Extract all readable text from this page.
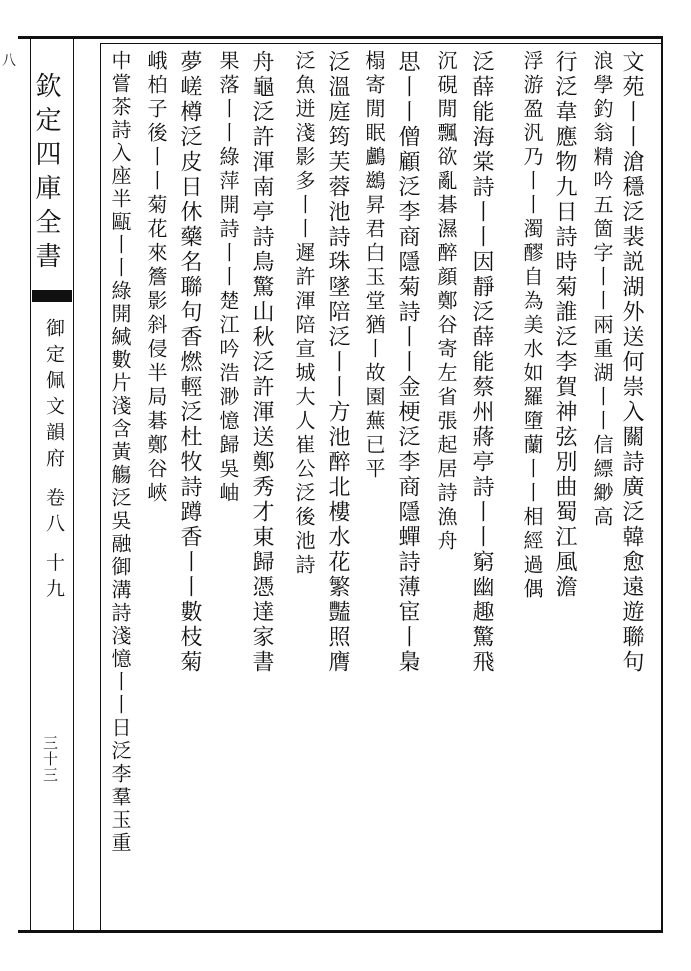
八
欽定四庫全書
御定佩文韻府 卷八 十九
三十三
文苑丨丨滄穩泛裴説湖外送何崇入關詩廣泛韓愈遠遊聯句
浪學釣翁精吟五箇字丨丨兩重湖丨丨信縹緲高
行泛韋應物九日詩時菊誰泛李賀神弦別曲蜀江風澹
浮游盈汎乃丨丨濁醪自為美水如羅墮蘭丨丨相經過偶
泛薛能海棠詩丨丨因靜泛薛能蔡州蔣亭詩丨丨窮幽趣驚飛
沉硯閒飄欲亂碁濕醉顔鄭谷寄左省張起居詩漁舟
思丨丨僧顧泛李商隱菊詩丨丨金梗泛李商隱蟬詩薄宦丨梟
榻寄閒眠鸕鷀昇君白玉堂猶丨故園蕪已平
泛溫庭筠芙蓉池詩珠墜陪泛丨丨方池醉北樓水花繁豔照膺
泛魚迸淺影多丨丨遲許渾陪宣城大人崔公泛後池詩
舟龜泛許渾南亭詩鳥驚山秋泛許渾送鄭秀才東歸憑達家書
果落丨丨綠萍開詩丨丨楚江吟浩渺憶歸吳岫
夢嵯樽泛皮日休藥名聯句香燃輕泛杜牧詩蹲香丨丨數枝菊
峨柏子後丨丨菊花來簷影斜侵半局碁鄭谷峽
中嘗茶詩入座半甌丨丨綠開緘數片淺含黃觴泛吳融御溝詩淺憶丨丨日泛李羣玉重
